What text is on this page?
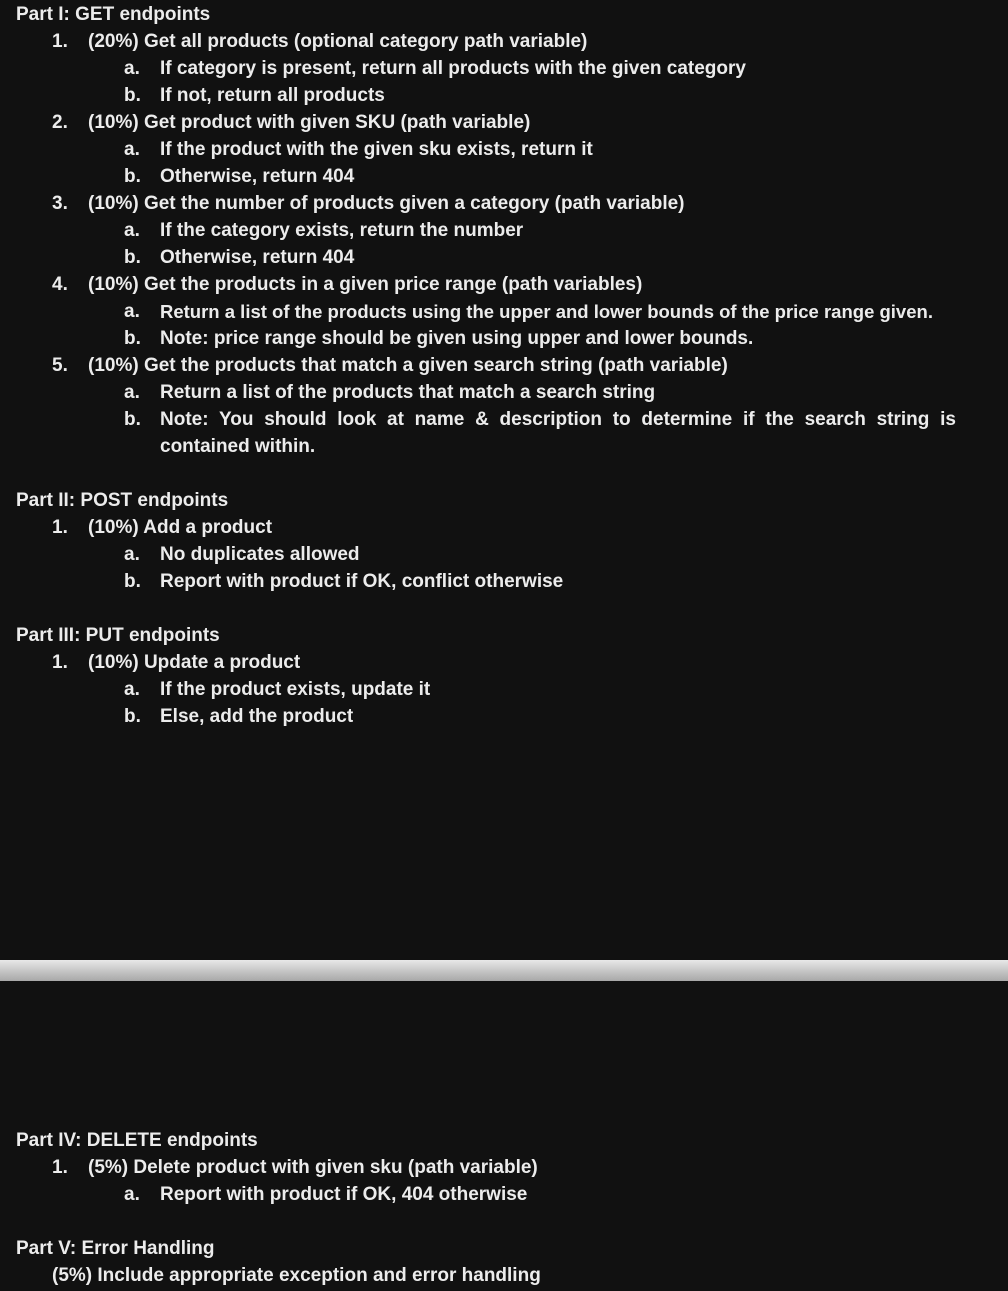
Part I: GET endpoints
1. (20%) Get all products (optional category path variable)
a. If category is present, return all products with the given category
b. If not, return all products
2. (10%) Get product with given SKU (path variable)
a. If the product with the given sku exists, return it
b. Otherwise, return 404
3. (10%) Get the number of products given a category (path variable)
a. If the category exists, return the number
b. Otherwise, return 404
4. (10%) Get the products in a given price range (path variables)
a. Return a list of the products using the upper and lower bounds of the price range given.
b. Note: price range should be given using upper and lower bounds.
5. (10%) Get the products that match a given search string (path variable)
a. Return a list of the products that match a search string
b. Note: You should look at name & description to determine if the search string is
contained within.
Part II: POST endpoints
1. (10%) Add a product
a. No duplicates allowed
b. Report with product if OK, conflict otherwise
Part III: PUT endpoints
1. (10%) Update a product
a. If the product exists, update it
b. Else, add the product
Part IV: DELETE endpoints
1. (5%) Delete product with given sku (path variable)
a. Report with product if OK, 404 otherwise
Part V: Error Handling
(5%) Include appropriate exception and error handling
